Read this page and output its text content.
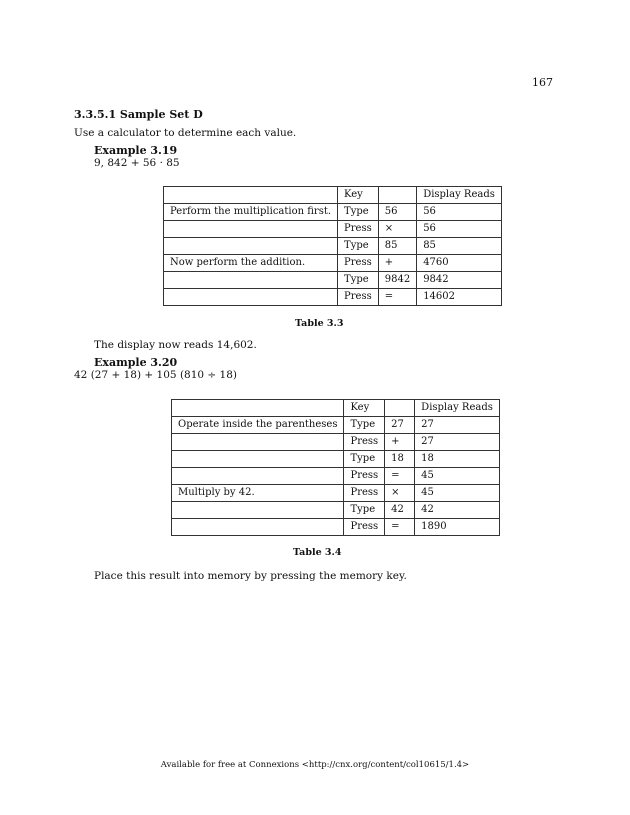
167
3.3.5.1 Sample Set D
Use a calculator to determine each value.
Example 3.19
9, 842 + 56 · 85
	Key		Display Reads
Perform the multiplication first.	Type	56	56
	Press	×	56
	Type	85	85
Now perform the addition.	Press	+	4760
	Type	9842	9842
	Press	=	14602
Table 3.3
The display now reads 14,602.
Example 3.20
42 (27 + 18) + 105 (810 ÷ 18)
	Key		Display Reads
Operate inside the parentheses	Type	27	27
	Press	+	27
	Type	18	18
	Press	=	45
Multiply by 42.	Press	×	45
	Type	42	42
	Press	=	1890
Table 3.4
Place this result into memory by pressing the memory key.
Available for free at Connexions <http://cnx.org/content/col10615/1.4>
